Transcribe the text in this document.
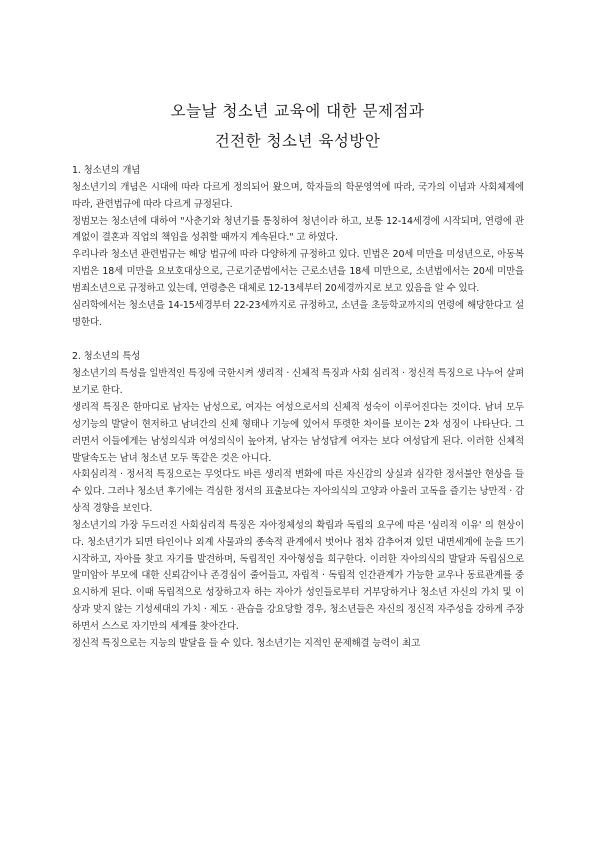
오늘날 청소년 교육에 대한 문제점과
건전한 청소년 육성방안

1. 청소년의 개념

청소년기의 개념은 시대에 따라 다르게 정의되어 왔으며, 학자들의 학문영역에 따라, 국가의 이념과 사회체제에 따라, 관련법규에 따라 다르게 규정된다.

정범모는 청소년에 대하여 "사춘기와 청년기를 통칭하여 청년이라 하고, 보통 12-14세경에 시작되며, 연령에 관계없이 결혼과 직업의 책임을 성취할 때까지 계속된다." 고 하였다.

우리나라 청소년 관련법규는 해당 법규에 따라 다양하게 규정하고 있다. 민법은 20세 미만을 미성년으로, 아동복지법은 18세 미만을 요보호대상으로, 근로기준법에서는 근로소년을 18세 미만으로, 소년법에서는 20세 미만을 범죄소년으로 규정하고 있는데, 연령층은 대체로 12-13세부터 20세경까지로 보고 있음을 알 수 있다.

심리학에서는 청소년을 14-15세경부터 22-23세까지로 규정하고, 소년을 초등학교까지의 연령에 해당한다고 설명한다.

2. 청소년의 특성

청소년기의 특성을 일반적인 특징에 국한시켜 생리적 · 신체적 특징과 사회 심리적 · 정신적 특징으로 나누어 살펴보기로 한다.

생리적 특징은 한마디로 남자는 남성으로, 여자는 여성으로서의 신체적 성숙이 이루어진다는 것이다. 남녀 모두 성기능의 발달이 현저하고 남녀간의 신체 형태나 기능에 있어서 뚜렷한 차이를 보이는 2차 성징이 나타난다. 그러면서 이들에게는 남성의식과 여성의식이 높아져, 남자는 남성답게 여자는 보다 여성답게 된다. 이러한 신체적 발달속도는 남녀 청소년 모두 똑같은 것은 아니다.

사회심리적 · 정서적 특징으로는 무엇다도 바른 생리적 변화에 따른 자신감의 상실과 심각한 정서불안 현상을 들 수 있다. 그러나 청소년 후기에는 격심한 정서의 표출보다는 자아의식의 고양과 아울러 고독을 즐기는 낭만적 · 감상적 경향을 보인다.

청소년기의 가장 두드러진 사회심리적 특징은 자아정체성의 확립과 독립의 요구에 따른 '심리적 이유' 의 현상이다. 청소년기가 되면 타인이나 외계 사물과의 종속적 관계에서 벗어나 점차 감추어져 있던 내면세계에 눈을 뜨기 시작하고, 자아를 찾고 자기를 발견하며, 독립적인 자아형성을 희구한다. 이러한 자아의식의 발달과 독립심으로 말미암아 부모에 대한 신뢰감이나 존경심이 줄어들고, 자립적 · 독립적 인간관계가 가능한 교우나 동료관계를 중요시하게 된다. 이때 독립적으로 성장하고자 하는 자아가 성인들로부터 거부당하거나 청소년 자신의 가치 및 이상과 맞지 않는 기성세대의 가치 · 제도 · 관습을 강요당할 경우, 청소년들은 자신의 정신적 자주성을 강하게 주장하면서 스스로 자기만의 세계를 찾아간다.

정신적 특징으로는 지능의 발달을 들 수 있다. 청소년기는 지적인 문제해결 능력이 최고
